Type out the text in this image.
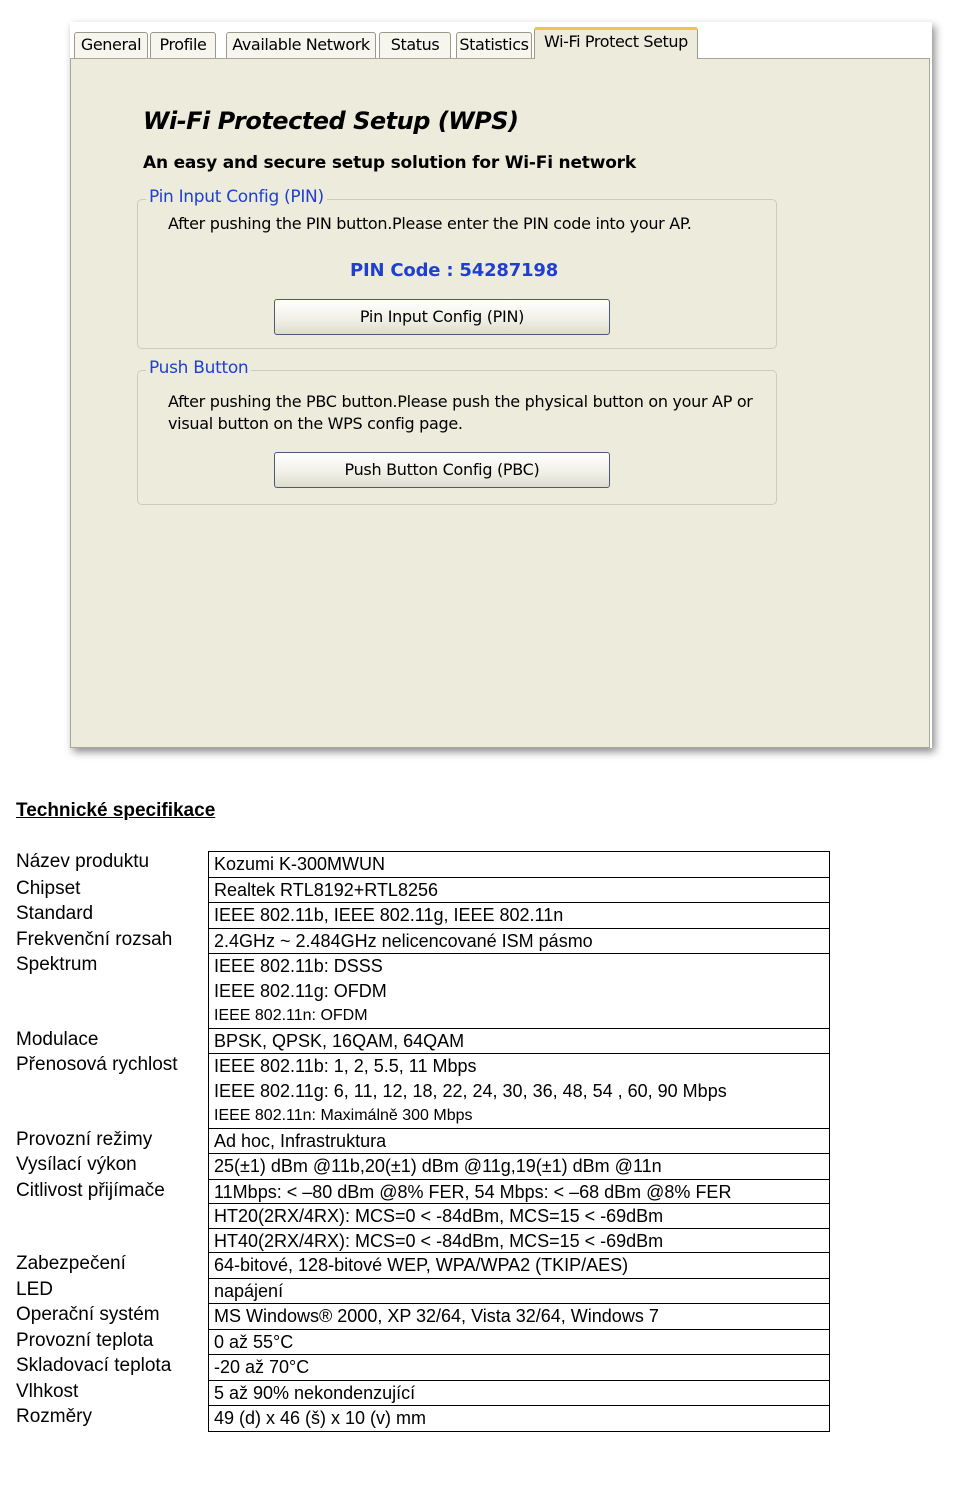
General	Profile	Available Network	Status	Statistics Wi-Fi Protect Setup
Wi-Fi Protected Setup (WPS)
An easy and secure setup solution for Wi-Fi network
Pin Input Config (PIN)
After pushing the PIN button.Please enter the PIN code into your AP.
PIN Code : 54287198
Pin Input Config (PIN)
Push Button
After pushing the PBC button.Please push the physical button on your AP or visual button on the WPS config page.
Push Button Config (PBC)
Technické specifikace
Název produktu	Kozumi K-300MWUN
Chipset	Realtek RTL8192+RTL8256
Standard	IEEE 802.11b, IEEE 802.11g, IEEE 802.11n
Frekvenční rozsah	2.4GHz ~ 2.484GHz nelicencované ISM pásmo
Spektrum	IEEE 802.11b: DSSS
IEEE 802.11g: OFDM
IEEE 802.11n: OFDM
Modulace	BPSK, QPSK, 16QAM, 64QAM
Přenosová rychlost	IEEE 802.11b: 1, 2, 5.5, 11 Mbps
IEEE 802.11g: 6, 11, 12, 18, 22, 24, 30, 36, 48, 54 , 60, 90 Mbps
IEEE 802.11n: Maximálně 300 Mbps
Provozní režimy	Ad hoc, Infrastruktura
Vysílací výkon	25(±1) dBm @11b,20(±1) dBm @11g,19(±1) dBm @11n
Citlivost přijímače	11Mbps: < –80 dBm @8% FER, 54 Mbps: < –68 dBm @8% FER
HT20(2RX/4RX): MCS=0 < -84dBm, MCS=15 < -69dBm
HT40(2RX/4RX): MCS=0 < -84dBm, MCS=15 < -69dBm
Zabezpečení	64-bitové, 128-bitové WEP, WPA/WPA2 (TKIP/AES)
LED	napájení
Operační systém	MS Windows® 2000, XP 32/64, Vista 32/64, Windows 7
Provozní teplota	0 až 55°C
Skladovací teplota	-20 až 70°C
Vlhkost	5 až 90% nekondenzující
Rozměry	49 (d) x 46 (š) x 10 (v) mm
